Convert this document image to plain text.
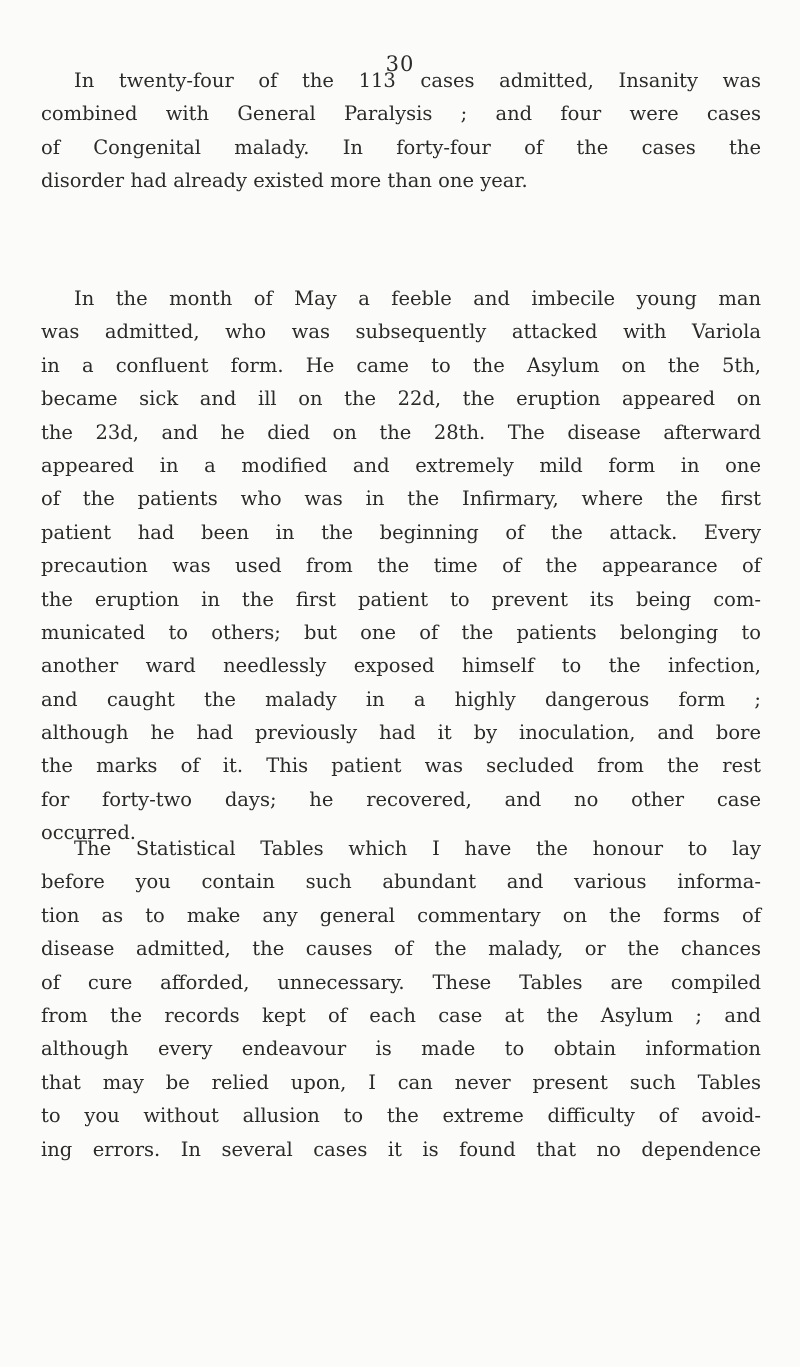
30
In twenty-four of the 113 cases admitted, Insanity was
combined with General Paralysis ; and four were cases
of Congenital malady. In forty-four of the cases the
disorder had already existed more than one year.
In the month of May a feeble and imbecile young man
was admitted, who was subsequently attacked with Variola
in a confluent form. He came to the Asylum on the 5th,
became sick and ill on the 22d, the eruption appeared on
the 23d, and he died on the 28th. The disease afterward
appeared in a modified and extremely mild form in one
of the patients who was in the Infirmary, where the first
patient had been in the beginning of the attack. Every
precaution was used from the time of the appearance of
the eruption in the first patient to prevent its being com-
municated to others; but one of the patients belonging to
another ward needlessly exposed himself to the infection,
and caught the malady in a highly dangerous form ;
although he had previously had it by inoculation, and bore
the marks of it. This patient was secluded from the rest
for forty-two days; he recovered, and no other case
occurred.
The Statistical Tables which I have the honour to lay
before you contain such abundant and various informa-
tion as to make any general commentary on the forms of
disease admitted, the causes of the malady, or the chances
of cure afforded, unnecessary. These Tables are compiled
from the records kept of each case at the Asylum ; and
although every endeavour is made to obtain information
that may be relied upon, I can never present such Tables
to you without allusion to the extreme difficulty of avoid-
ing errors. In several cases it is found that no dependence
